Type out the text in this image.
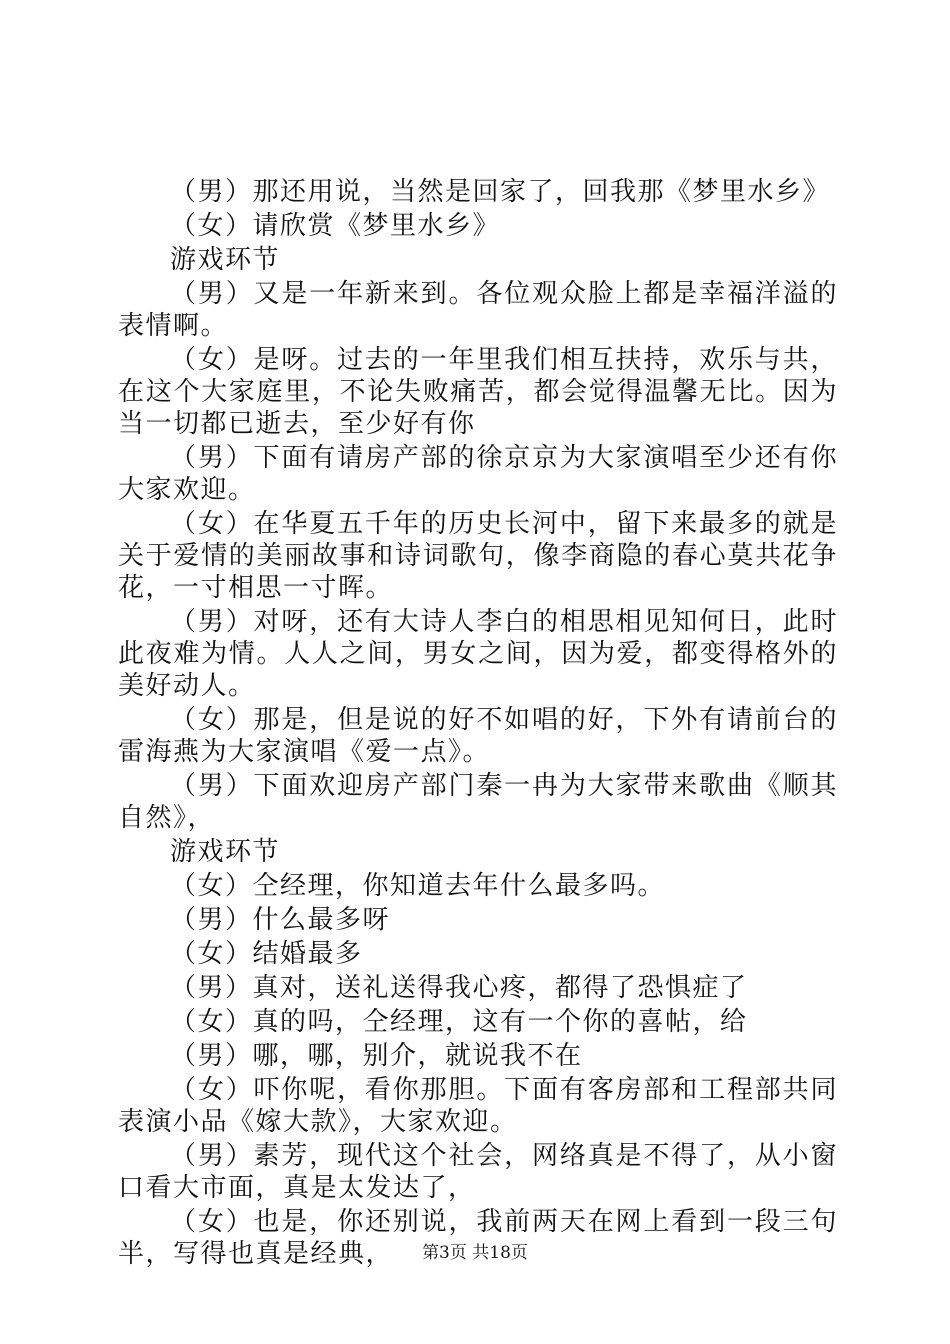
（男）那还用说，当然是回家了，回我那《梦里水乡》

（女）请欣赏《梦里水乡》

游戏环节

（男）又是一年新来到。各位观众脸上都是幸福洋溢的表情啊。

（女）是呀。过去的一年里我们相互扶持，欢乐与共，在这个大家庭里，不论失败痛苦，都会觉得温馨无比。因为当一切都已逝去，至少好有你

（男）下面有请房产部的徐京京为大家演唱至少还有你大家欢迎。

（女）在华夏五千年的历史长河中，留下来最多的就是关于爱情的美丽故事和诗词歌句，像李商隐的春心莫共花争花，一寸相思一寸晖。

（男）对呀，还有大诗人李白的相思相见知何日，此时此夜难为情。人人之间，男女之间，因为爱，都变得格外的美好动人。

（女）那是，但是说的好不如唱的好，下外有请前台的雷海燕为大家演唱《爱一点》。

（男）下面欢迎房产部门秦一冉为大家带来歌曲《顺其自然》，

游戏环节

（女）仝经理，你知道去年什么最多吗。

（男）什么最多呀

（女）结婚最多

（男）真对，送礼送得我心疼，都得了恐惧症了

（女）真的吗，仝经理，这有一个你的喜帖，给

（男）哪，哪，别介，就说我不在

（女）吓你呢，看你那胆。下面有客房部和工程部共同表演小品《嫁大款》，大家欢迎。

（男）素芳，现代这个社会，网络真是不得了，从小窗口看大市面，真是太发达了，

（女）也是，你还别说，我前两天在网上看到一段三句半，写得也真是经典，	第3页 共18页
